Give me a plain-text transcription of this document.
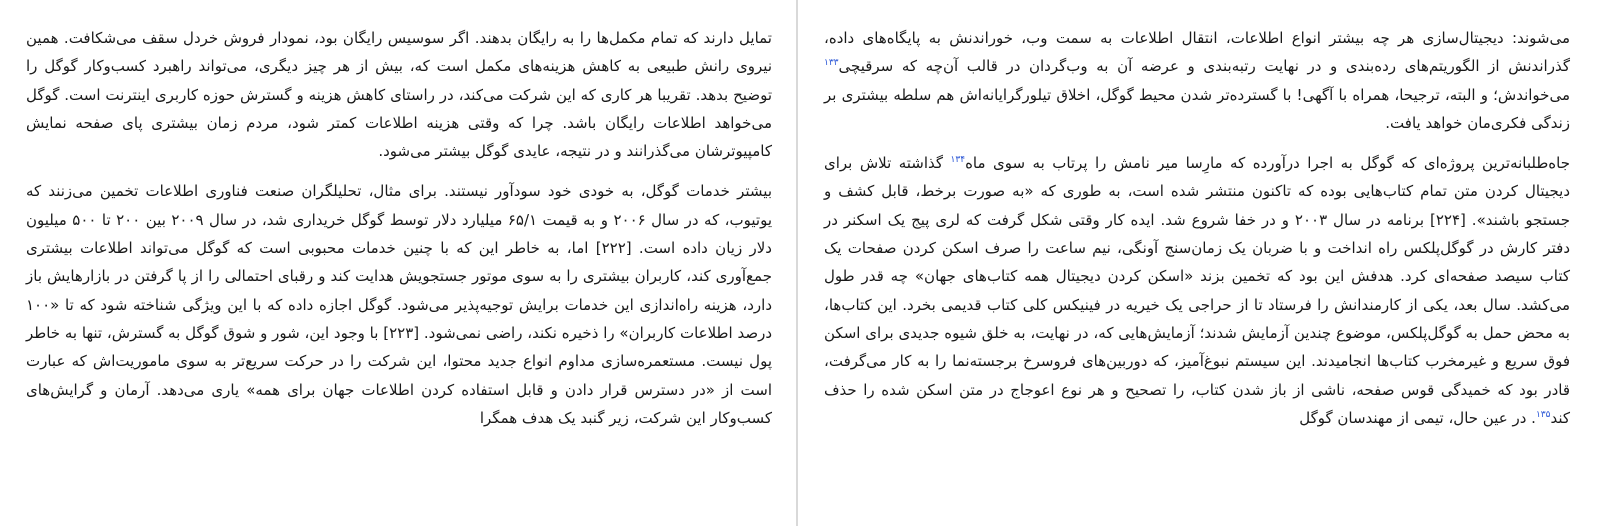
تمایل دارند که تمام مکمل‌ها را به رایگان بدهند. اگر سوسیس رایگان بود، نمودار فروش خردل سقف می‌شکافت. همین نیروی رانش طبیعی به کاهش هزینه‌های مکمل است که، بیش از هر چیز دیگری، می‌تواند راهبرد کسب‌وکار گوگل را توضیح بدهد. تقریبا هر کاری که این شرکت می‌کند، در راستای کاهش هزینه و گسترش حوزه کاربری اینترنت است. گوگل می‌خواهد اطلاعات رایگان باشد. چرا که وقتی هزینه اطلاعات کمتر شود، مردم زمان بیشتری پای صفحه نمایش کامپیوترشان می‌گذرانند و در نتیجه، عایدی گوگل بیشتر می‌شود.

بیشتر خدمات گوگل، به خودی خود سودآور نیستند. برای مثال، تحلیلگران صنعت فناوری اطلاعات تخمین می‌زنند که یوتیوب، که در سال ۲۰۰۶ و به قیمت ۶۵/۱ میلیارد دلار توسط گوگل خریداری شد، در سال ۲۰۰۹ بین ۲۰۰ تا ۵۰۰ میلیون دلار زیان داده است. [۲۲۲] اما، به خاطر این که با چنین خدمات محبوبی است که گوگل می‌تواند اطلاعات بیشتری جمع‌آوری کند، کاربران بیشتری را به سوی موتور جستجویش هدایت کند و رقبای احتمالی را از پا گرفتن در بازارهایش باز دارد، هزینه راه‌اندازی این خدمات برایش توجیه‌پذیر می‌شود. گوگل اجازه داده که با این ویژگی شناخته شود که تا «۱۰۰ درصد اطلاعات کاربران» را ذخیره نکند، راضی نمی‌شود. [۲۲۳] با وجود این، شور و شوق گوگل به گسترش، تنها به خاطر پول نیست. مستعمره‌سازی مداوم انواع جدید محتوا، این شرکت را در حرکت سریع‌تر به سوی ماموریت‌اش که عبارت است از «در دسترس قرار دادن و قابل استفاده کردن اطلاعات جهان برای همه» یاری می‌دهد. آرمان و گرایش‌های کسب‌وکار این شرکت، زیر گنبد یک هدف همگرا

می‌شوند: دیجیتال‌سازی هر چه بیشتر انواع اطلاعات، انتقال اطلاعات به سمت وب، خوراندنش به پایگاه‌های داده، گذراندنش از الگوریتم‌های رده‌بندی و در نهایت رتبه‌بندی و عرضه آن به وب‌گردان در قالب آن‌چه که سرقیچی$^{۱۳۳}$ می‌خواندش؛ و البته، ترجیحا، همراه با آگهی! با گسترده‌تر شدن محیط گوگل، اخلاق تیلورگرایانه‌اش هم سلطه بیشتری بر زندگی فکری‌مان خواهد یافت.

جاه‌طلبانه‌ترین پروژه‌ای که گوگل به اجرا درآورده که مارِسا میر نامش را پرتاب به سوی ماه$^{۱۳۴}$ گذاشته تلاش برای دیجیتال کردن متن تمام کتاب‌هایی بوده که تاکنون منتشر شده است، به طوری که «به صورت برخط، قابل کشف و جستجو باشند». [۲۲۴] برنامه در سال ۲۰۰۳ و در خفا شروع شد. ایده کار وقتی شکل گرفت که لری پیج یک اسکنر در دفتر کارش در گوگل‌پلکس راه انداخت و با ضربان یک زمان‌سنج آونگی، نیم ساعت را صرف اسکن کردن صفحات یک کتاب سیصد صفحه‌ای کرد. هدفش این بود که تخمین بزند «اسکن کردن دیجیتال همه کتاب‌های جهان» چه قدر طول می‌کشد. سال بعد، یکی از کارمندانش را فرستاد تا از حراجی یک خیریه در فینیکس کلی کتاب قدیمی بخرد. این کتاب‌ها، به محض حمل به گوگل‌پلکس، موضوع چندین آزمایش شدند؛ آزمایش‌هایی که، در نهایت، به خلق شیوه جدیدی برای اسکن فوق سریع و غیرمخرب کتاب‌ها انجامیدند. این سیستم نبوغ‌آمیز، که دوربین‌های فروسرخ برجسته‌نما را به کار می‌گرفت، قادر بود که خمیدگی قوس صفحه، ناشی از باز شدن کتاب، را تصحیح و هر نوع اعوجاج در متن اسکن شده را حذف کند$^{۱۳۵}$. در عین حال، تیمی از مهندسان گوگل
